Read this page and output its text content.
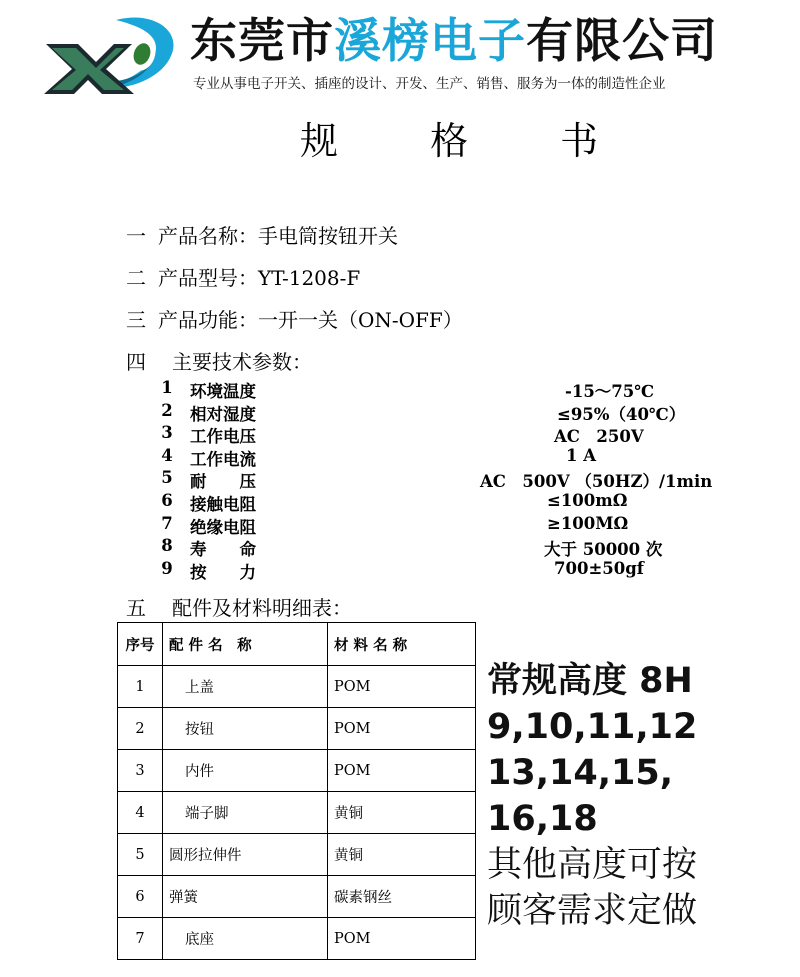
东莞市溪榜电子有限公司
专业从事电子开关、插座的设计、开发、生产、销售、服务为一体的制造性企业
规 格 书
一 产品名称：手电筒按钮开关
二 产品型号：YT-1208-F
三 产品功能：一开一关（ON-OFF）
四 主要技术参数：
1 环境温度	-15～75℃
2 相对湿度	≤95%（40℃）
3 工作电压	AC　250V
4 工作电流	1 A
5 耐　　压	AC　500V （50HZ）/1min
6 接触电阻	≤100mΩ
7 绝缘电阻	≥100MΩ
8 寿　　命	大于 50000 次
9 按　　力	700±50gf
五 配件及材料明细表：
序号	配 件 名　称	材 料 名 称
1	上盖	POM
2	按钮	POM
3	内件	POM
4	端子脚	黄铜
5	圆形拉伸件	黄铜
6	弹簧	碳素钢丝
7	底座	POM
常规高度 8H
9,10,11,12
13,14,15,
16,18
其他高度可按
顾客需求定做
